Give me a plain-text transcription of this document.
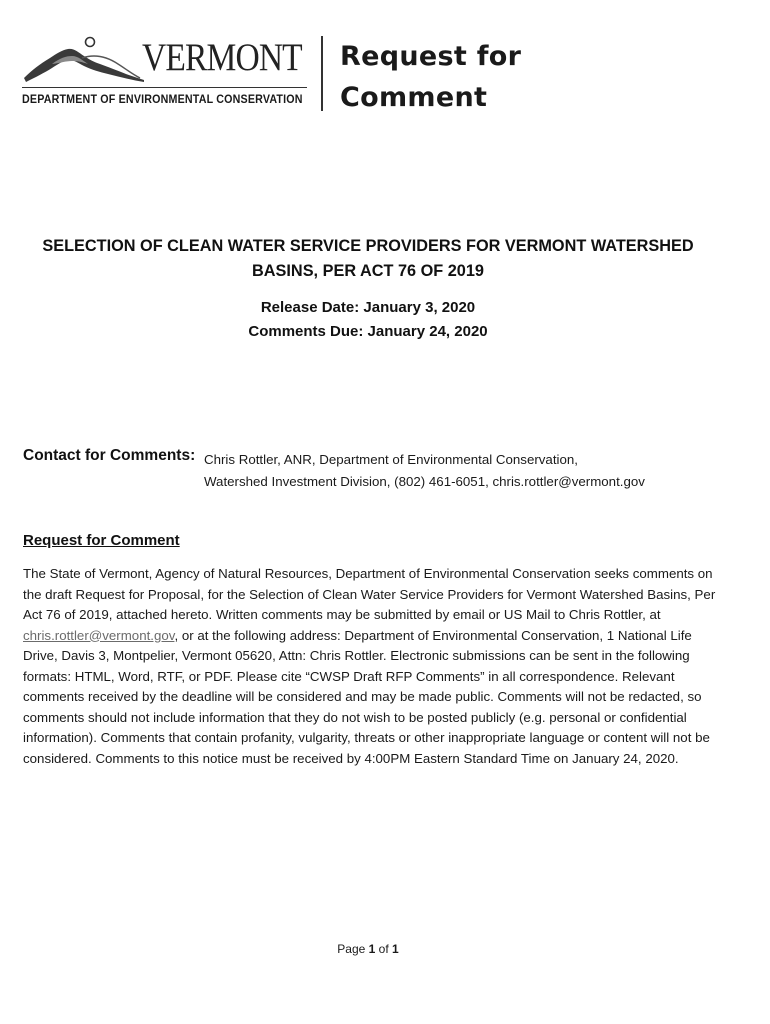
VERMONT
DEPARTMENT OF ENVIRONMENTAL CONSERVATION
Request for
Comment
SELECTION OF CLEAN WATER SERVICE PROVIDERS FOR VERMONT WATERSHED
BASINS, PER ACT 76 OF 2019
Release Date: January 3, 2020
Comments Due: January 24, 2020
Contact for Comments: Chris Rottler, ANR, Department of Environmental Conservation,
Watershed Investment Division, (802) 461-6051, chris.rottler@vermont.gov
Request for Comment
The State of Vermont, Agency of Natural Resources, Department of Environmental Conservation seeks comments on the draft Request for Proposal, for the Selection of Clean Water Service Providers for Vermont Watershed Basins, Per Act 76 of 2019, attached hereto. Written comments may be submitted by email or US Mail to Chris Rottler, at chris.rottler@vermont.gov, or at the following address: Department of Environmental Conservation, 1 National Life Drive, Davis 3, Montpelier, Vermont 05620, Attn: Chris Rottler. Electronic submissions can be sent in the following formats: HTML, Word, RTF, or PDF. Please cite “CWSP Draft RFP Comments” in all correspondence. Relevant comments received by the deadline will be considered and may be made public. Comments will not be redacted, so comments should not include information that they do not wish to be posted publicly (e.g. personal or confidential information). Comments that contain profanity, vulgarity, threats or other inappropriate language or content will not be considered. Comments to this notice must be received by 4:00PM Eastern Standard Time on January 24, 2020.
Page 1 of 1
